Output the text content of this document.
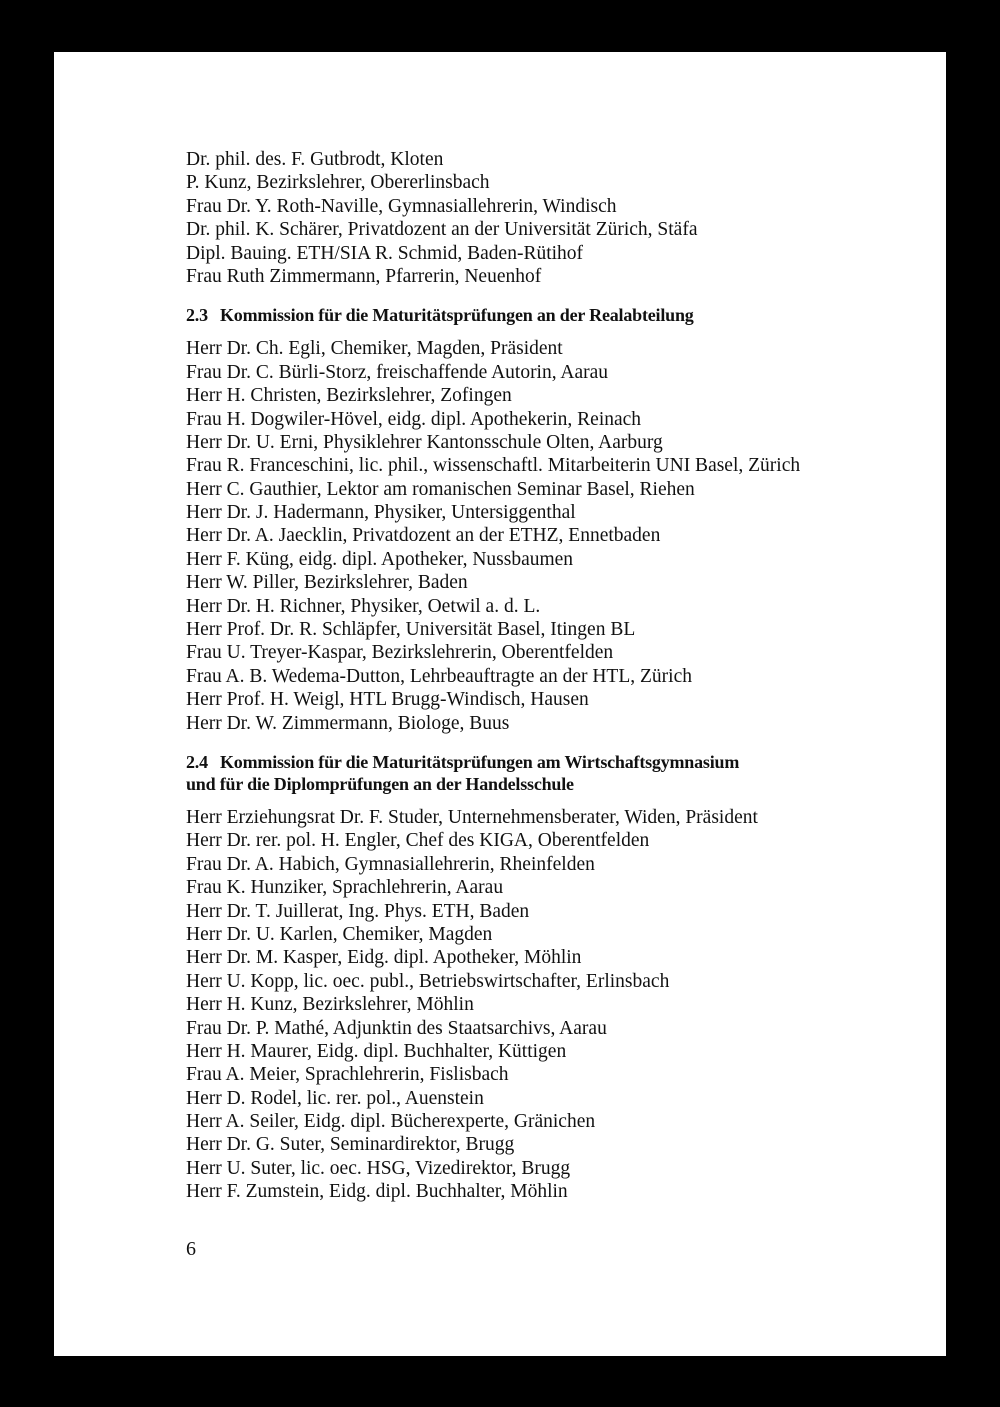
Dr. phil. des. F. Gutbrodt, Kloten
P. Kunz, Bezirkslehrer, Obererlinsbach
Frau Dr. Y. Roth-Naville, Gymnasiallehrerin, Windisch
Dr. phil. K. Schärer, Privatdozent an der Universität Zürich, Stäfa
Dipl. Bauing. ETH/SIA R. Schmid, Baden-Rütihof
Frau Ruth Zimmermann, Pfarrerin, Neuenhof
2.3 Kommission für die Maturitätsprüfungen an der Realabteilung
Herr Dr. Ch. Egli, Chemiker, Magden, Präsident
Frau Dr. C. Bürli-Storz, freischaffende Autorin, Aarau
Herr H. Christen, Bezirkslehrer, Zofingen
Frau H. Dogwiler-Hövel, eidg. dipl. Apothekerin, Reinach
Herr Dr. U. Erni, Physiklehrer Kantonsschule Olten, Aarburg
Frau R. Franceschini, lic. phil., wissenschaftl. Mitarbeiterin UNI Basel, Zürich
Herr C. Gauthier, Lektor am romanischen Seminar Basel, Riehen
Herr Dr. J. Hadermann, Physiker, Untersiggenthal
Herr Dr. A. Jaecklin, Privatdozent an der ETHZ, Ennetbaden
Herr F. Küng, eidg. dipl. Apotheker, Nussbaumen
Herr W. Piller, Bezirkslehrer, Baden
Herr Dr. H. Richner, Physiker, Oetwil a. d. L.
Herr Prof. Dr. R. Schläpfer, Universität Basel, Itingen BL
Frau U. Treyer-Kaspar, Bezirkslehrerin, Oberentfelden
Frau A. B. Wedema-Dutton, Lehrbeauftragte an der HTL, Zürich
Herr Prof. H. Weigl, HTL Brugg-Windisch, Hausen
Herr Dr. W. Zimmermann, Biologe, Buus
2.4 Kommission für die Maturitätsprüfungen am Wirtschaftsgymnasium
und für die Diplomprüfungen an der Handelsschule
Herr Erziehungsrat Dr. F. Studer, Unternehmensberater, Widen, Präsident
Herr Dr. rer. pol. H. Engler, Chef des KIGA, Oberentfelden
Frau Dr. A. Habich, Gymnasiallehrerin, Rheinfelden
Frau K. Hunziker, Sprachlehrerin, Aarau
Herr Dr. T. Juillerat, Ing. Phys. ETH, Baden
Herr Dr. U. Karlen, Chemiker, Magden
Herr Dr. M. Kasper, Eidg. dipl. Apotheker, Möhlin
Herr U. Kopp, lic. oec. publ., Betriebswirtschafter, Erlinsbach
Herr H. Kunz, Bezirkslehrer, Möhlin
Frau Dr. P. Mathé, Adjunktin des Staatsarchivs, Aarau
Herr H. Maurer, Eidg. dipl. Buchhalter, Küttigen
Frau A. Meier, Sprachlehrerin, Fislisbach
Herr D. Rodel, lic. rer. pol., Auenstein
Herr A. Seiler, Eidg. dipl. Bücherexperte, Gränichen
Herr Dr. G. Suter, Seminardirektor, Brugg
Herr U. Suter, lic. oec. HSG, Vizedirektor, Brugg
Herr F. Zumstein, Eidg. dipl. Buchhalter, Möhlin
6
